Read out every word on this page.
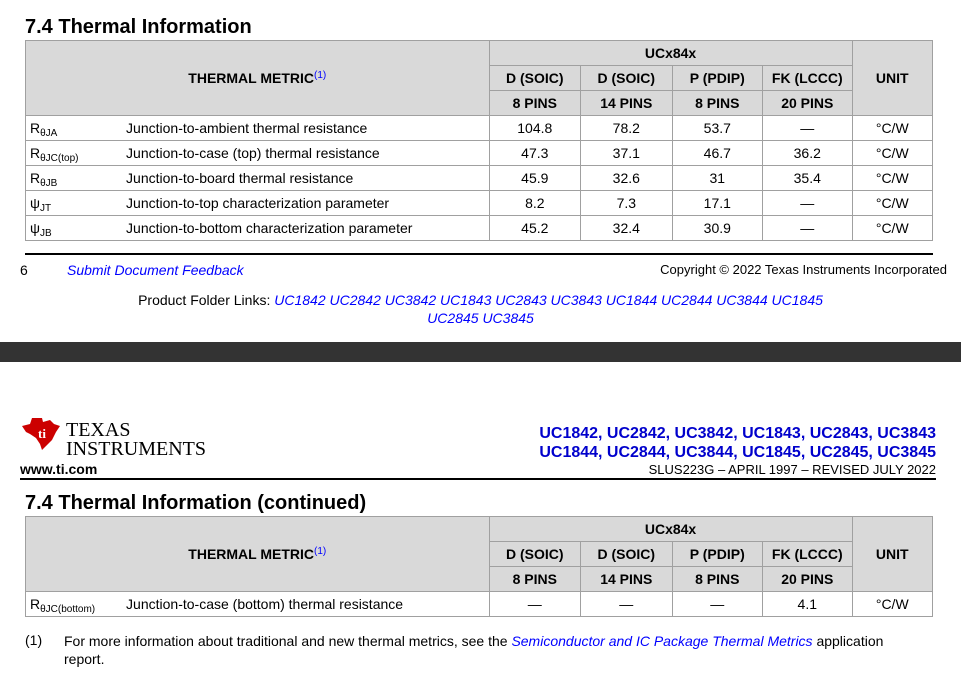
7.4 Thermal Information
THERMAL METRIC$^{(1)}$		UCx84x				UNIT
		D (SOIC)	D (SOIC)	P (PDIP)	FK (LCCC)	
		8 PINS	14 PINS	8 PINS	20 PINS	
$R_{\theta JA}$	Junction-to-ambient thermal resistance	104.8	78.2	53.7	—	°C/W
$R_{\theta JC(top)}$	Junction-to-case (top) thermal resistance	47.3	37.1	46.7	36.2	°C/W
$R_{\theta JB}$	Junction-to-board thermal resistance	45.9	32.6	31	35.4	°C/W
$\psi_{JT}$	Junction-to-top characterization parameter	8.2	7.3	17.1	—	°C/W
$\psi_{JB}$	Junction-to-bottom characterization parameter	45.2	32.4	30.9	—	°C/W
6	Submit Document Feedback	Copyright © 2022 Texas Instruments Incorporated
Product Folder Links: UC1842 UC2842 UC3842 UC1843 UC2843 UC3843 UC1844 UC2844 UC3844 UC1845
UC2845 UC3845
ti TEXAS
INSTRUMENTS
www.ti.com
UC1842, UC2842, UC3842, UC1843, UC2843, UC3843
UC1844, UC2844, UC3844, UC1845, UC2845, UC3845
SLUS223G – APRIL 1997 – REVISED JULY 2022
7.4 Thermal Information (continued)
THERMAL METRIC$^{(1)}$		UCx84x				UNIT
		D (SOIC)	D (SOIC)	P (PDIP)	FK (LCCC)	
		8 PINS	14 PINS	8 PINS	20 PINS	
$R_{\theta JC(bottom)}$	Junction-to-case (bottom) thermal resistance	—	—	—	4.1	°C/W
(1) For more information about traditional and new thermal metrics, see the Semiconductor and IC Package Thermal Metrics application
report.
